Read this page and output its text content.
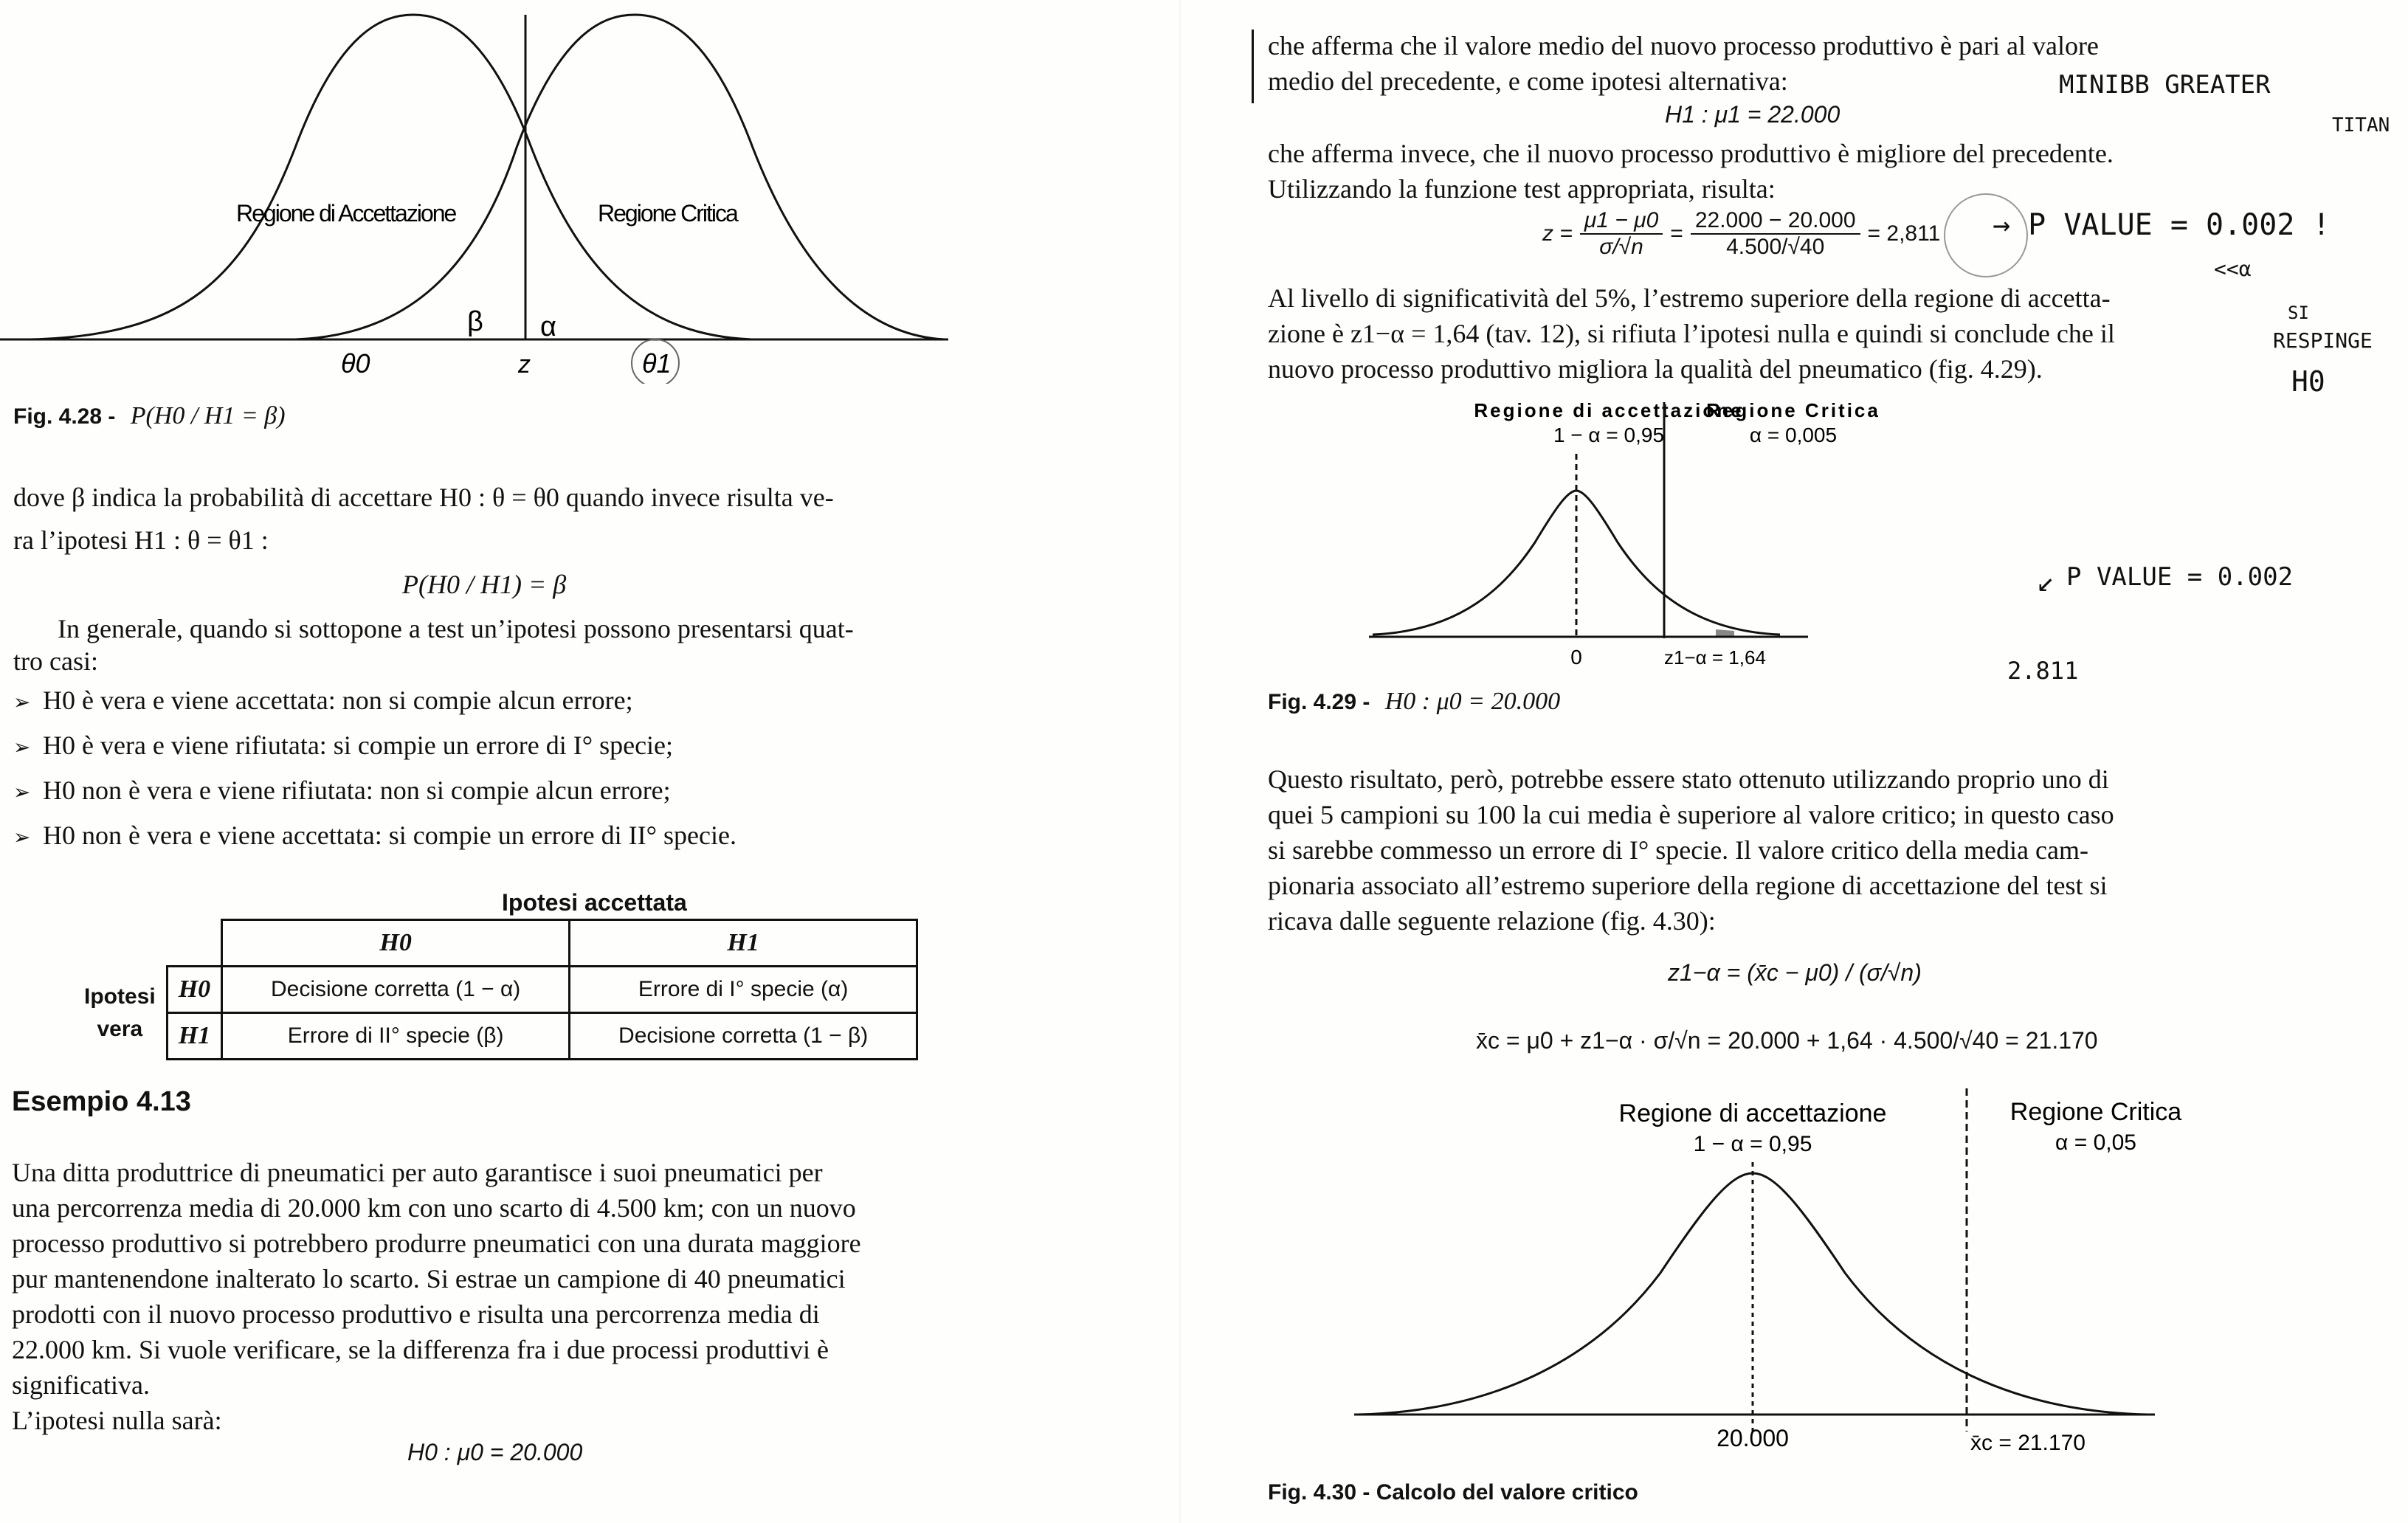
Regione di Accettazione	Regione Critica
β α
θ0	z	θ1
Fig. 4.28 - P(H0 / H1 = β)
dove β indica la probabilità di accettare H0 : θ = θ0 quando invece risulta ve-
ra l’ipotesi H1 : θ = θ1 :
P(H0 / H1) = β
In generale, quando si sottopone a test un’ipotesi possono presentarsi quat-
tro casi:
➢ H0 è vera e viene accettata: non si compie alcun errore;
➢ H0 è vera e viene rifiutata: si compie un errore di I° specie;
➢ H0 non è vera e viene rifiutata: non si compie alcun errore;
➢ H0 non è vera e viene accettata: si compie un errore di II° specie.
Ipotesi accettata
		H0	H1

Ipotesi
vera	H0	Decisione corretta (1 − α)	Errore di I° specie (α)
	H1	Errore di II° specie (β)	Decisione corretta (1 − β)
Esempio 4.13
Una ditta produttrice di pneumatici per auto garantisce i suoi pneumatici per
una percorrenza media di 20.000 km con uno scarto di 4.500 km; con un nuovo
processo produttivo si potrebbero produrre pneumatici con una durata maggiore
pur mantenendone inalterato lo scarto. Si estrae un campione di 40 pneumatici
prodotti con il nuovo processo produttivo e risulta una percorrenza media di
22.000 km. Si vuole verificare, se la differenza fra i due processi produttivi è
significativa.
L’ipotesi nulla sarà:
H0 : μ0 = 20.000
che afferma che il valore medio del nuovo processo produttivo è pari al valore
medio del precedente, e come ipotesi alternativa:
H1 : μ1 = 22.000
che afferma invece, che il nuovo processo produttivo è migliore del precedente.
Utilizzando la funzione test appropriata, risulta:
$z = \frac{\mu 1 - \mu 0}{\sigma/√n} = \frac{22.000 - 20.000}{4.500/√40} = 2,811$
Al livello di significatività del 5%, l’estremo superiore della regione di accetta-
zione è z1−α = 1,64 (tav. 12), si rifiuta l’ipotesi nulla e quindi si conclude che il
nuovo processo produttivo migliora la qualità del pneumatico (fig. 4.29).
Regione di accettazione
1 − α = 0,95
Regione Critica
α = 0,005
0	z1−α = 1,64
Fig. 4.29 - H0 : μ0 = 20.000
Questo risultato, però, potrebbe essere stato ottenuto utilizzando proprio uno di
quei 5 campioni su 100 la cui media è superiore al valore critico; in questo caso
si sarebbe commesso un errore di I° specie. Il valore critico della media cam-
pionaria associato all’estremo superiore della regione di accettazione del test si
ricava dalle seguente relazione (fig. 4.30):
z1−α = (x̄c − μ0) / (σ/√n)
x̄c = μ0 + z1−α · σ/√n = 20.000 + 1,64 · 4.500/√40 = 21.170
Regione di accettazione
1 − α = 0,95
Regione Critica
α = 0,05
20.000	x̄c = 21.170
Fig. 4.30 - Calcolo del valore critico
MINIBB GREATER
TITAN
→ P VALUE = 0.002 !
<<α
SI
RESPINGE
H0
↙ P VALUE = 0.002
2.811
